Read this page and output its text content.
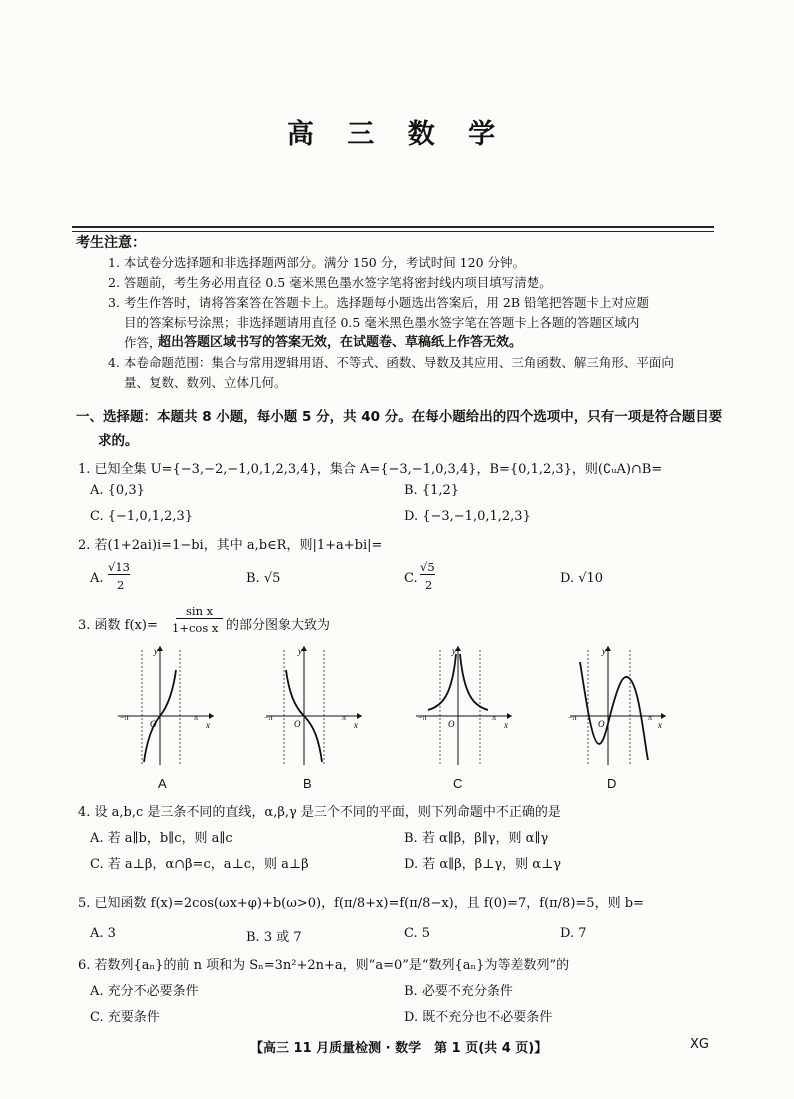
高 三 数 学
考生注意：
1. 本试卷分选择题和非选择题两部分。满分 150 分，考试时间 120 分钟。
2. 答题前，考生务必用直径 0.5 毫米黑色墨水签字笔将密封线内项目填写清楚。
3. 考生作答时，请将答案答在答题卡上。选择题每小题选出答案后，用 2B 铅笔把答题卡上对应题
目的答案标号涂黑；非选择题请用直径 0.5 毫米黑色墨水签字笔在答题卡上各题的答题区域内
作答，
超出答题区域书写的答案无效，在试题卷、草稿纸上作答无效。
4. 本卷命题范围：集合与常用逻辑用语、不等式、函数、导数及其应用、三角函数、解三角形、平面向
量、复数、数列、立体几何。
一、选择题：本题共 8 小题，每小题 5 分，共 40 分。在每小题给出的四个选项中，只有一项是符合题目要
求的。
1. 已知全集 U={−3,−2,−1,0,1,2,3,4}，集合 A={−3,−1,0,3,4}，B={0,1,2,3}，则(∁ᵤA)∩B=
A. {0,3}	B. {1,2}
C. {−1,0,1,2,3}	D. {−3,−1,0,1,2,3}
2. 若(1+2ai)i=1−bi，其中 a,b∈R，则|1+a+bi|=
A.
√13
2	B. √5	C.
√5
2	D. √10
3. 函数 f(x)=
sin x
1+cos x 的部分图象大致为
y
x
O
−π	π
y
x
O
−π	π
y
x
O
−π	π
y
x
O
−π	π
A	B	C	D
4. 设 a,b,c 是三条不同的直线，α,β,γ 是三个不同的平面，则下列命题中不正确的是
A. 若 a∥b，b∥c，则 a∥c	B. 若 α∥β，β∥γ，则 α∥γ
C. 若 a⊥β，α∩β=c，a⊥c，则 a⊥β	D. 若 α∥β，β⊥γ，则 α⊥γ
5. 已知函数 f(x)=2cos(ωx+φ)+b(ω>0)，f(π/8+x)=f(π/8−x)，且 f(0)=7，f(π/8)=5，则 b=
A. 3	B. 3 或 7	C. 5	D. 7
6. 若数列{aₙ}的前 n 项和为 Sₙ=3n²+2n+a，则“a=0”是“数列{aₙ}为等差数列”的
A. 充分不必要条件	B. 必要不充分条件
C. 充要条件	D. 既不充分也不必要条件
【高三 11 月质量检测 · 数学　第 1 页(共 4 页)】	XG
